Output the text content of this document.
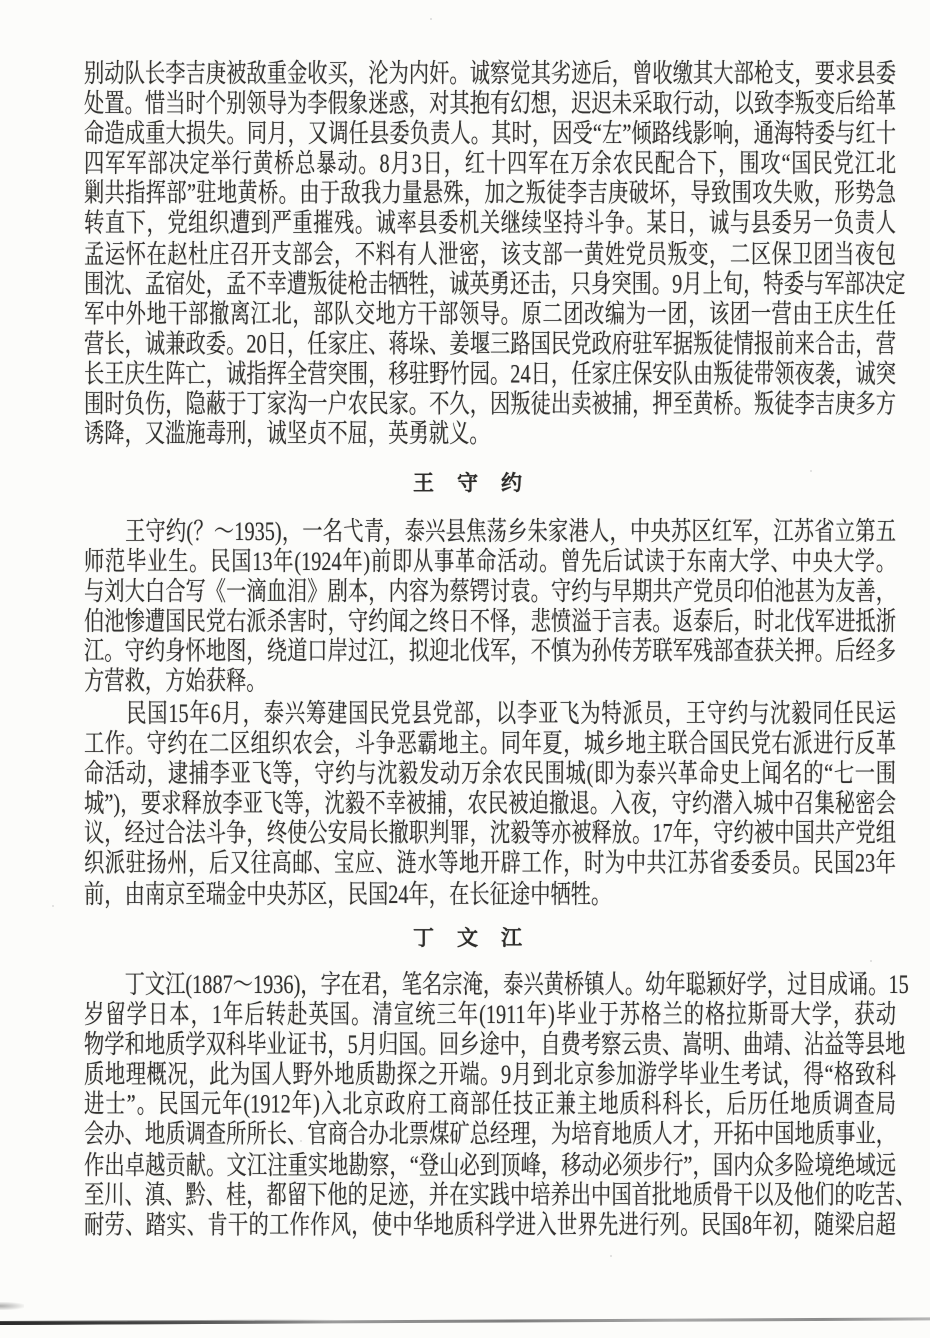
别动队长李吉庚被敌重金收买，沦为内奸。诚察觉其劣迹后，曾收缴其大部枪支，要求县委
处置。惜当时个别领导为李假象迷惑，对其抱有幻想，迟迟未采取行动，以致李叛变后给革
命造成重大损失。同月，又调任县委负责人。其时，因受“左”倾路线影响，通海特委与红十
四军军部决定举行黄桥总暴动。8月3日，红十四军在万余农民配合下，围攻“国民党江北
剿共指挥部”驻地黄桥。由于敌我力量悬殊，加之叛徒李吉庚破坏，导致围攻失败，形势急
转直下，党组织遭到严重摧残。诚率县委机关继续坚持斗争。某日，诚与县委另一负责人
孟运怀在赵杜庄召开支部会，不料有人泄密，该支部一黄姓党员叛变，二区保卫团当夜包
围沈、孟宿处，孟不幸遭叛徒枪击牺牲，诚英勇还击，只身突围。9月上旬，特委与军部决定
军中外地干部撤离江北，部队交地方干部领导。原二团改编为一团，该团一营由王庆生任
营长，诚兼政委。20日，任家庄、蒋垛、姜堰三路国民党政府驻军据叛徒情报前来合击，营
长王庆生阵亡，诚指挥全营突围，移驻野竹园。24日，任家庄保安队由叛徒带领夜袭，诚突
围时负伤，隐蔽于丁家沟一户农民家。不久，因叛徒出卖被捕，押至黄桥。叛徒李吉庚多方
诱降，又滥施毒刑，诚坚贞不屈，英勇就义。
王　守　约
　　王守约(？～1935)，一名弋青，泰兴县焦荡乡朱家港人，中央苏区红军，江苏省立第五
师范毕业生。民国13年(1924年)前即从事革命活动。曾先后试读于东南大学、中央大学。
与刘大白合写《一滴血泪》剧本，内容为蔡锷讨袁。守约与早期共产党员印伯池甚为友善，
伯池惨遭国民党右派杀害时，守约闻之终日不怿，悲愤溢于言表。返泰后，时北伐军进抵浙
江。守约身怀地图，绕道口岸过江，拟迎北伐军，不慎为孙传芳联军残部查获关押。后经多
方营救，方始获释。
　　民国15年6月，泰兴筹建国民党县党部，以李亚飞为特派员，王守约与沈毅同任民运
工作。守约在二区组织农会，斗争恶霸地主。同年夏，城乡地主联合国民党右派进行反革
命活动，逮捕李亚飞等，守约与沈毅发动万余农民围城(即为泰兴革命史上闻名的“七一围
城”)，要求释放李亚飞等，沈毅不幸被捕，农民被迫撤退。入夜，守约潜入城中召集秘密会
议，经过合法斗争，终使公安局长撤职判罪，沈毅等亦被释放。17年，守约被中国共产党组
织派驻扬州，后又往高邮、宝应、涟水等地开辟工作，时为中共江苏省委委员。民国23年
前，由南京至瑞金中央苏区，民国24年，在长征途中牺牲。
丁　文　江
　　丁文江(1887～1936)，字在君，笔名宗淹，泰兴黄桥镇人。幼年聪颖好学，过目成诵。15
岁留学日本，1年后转赴英国。清宣统三年(1911年)毕业于苏格兰的格拉斯哥大学，获动
物学和地质学双科毕业证书，5月归国。回乡途中，自费考察云贵、嵩明、曲靖、沾益等县地
质地理概况，此为国人野外地质勘探之开端。9月到北京参加游学毕业生考试，得“格致科
进士”。民国元年(1912年)入北京政府工商部任技正兼主地质科科长，后历任地质调查局
会办、地质调查所所长、官商合办北票煤矿总经理，为培育地质人才，开拓中国地质事业，
作出卓越贡献。文江注重实地勘察，“登山必到顶峰，移动必须步行”，国内众多险境绝域远
至川、滇、黔、桂，都留下他的足迹，并在实践中培养出中国首批地质骨干以及他们的吃苦、
耐劳、踏实、肯干的工作作风，使中华地质科学进入世界先进行列。民国8年初，随梁启超
